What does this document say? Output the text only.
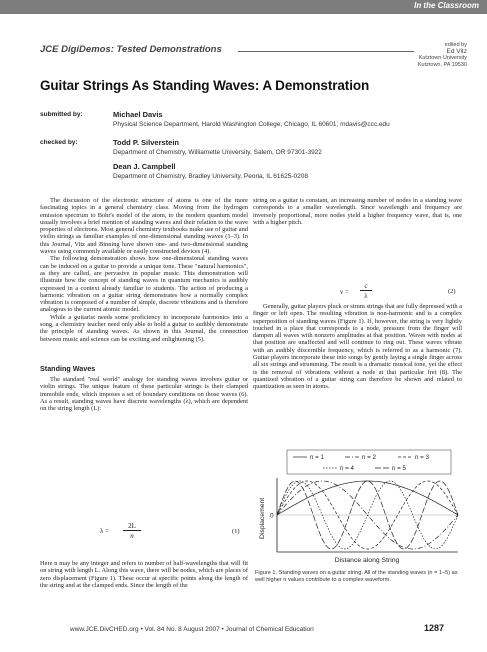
In the Classroom
JCE DigiDemos: Tested Demonstrations	edited by
Ed Vitz
Kutztown University
Kutztown, PA 19530
Guitar Strings As Standing Waves: A Demonstration
submitted by:	Michael Davis
Physical Science Department, Harold Washington College, Chicago, IL 60601; mdavis@ccc.edu
checked by:	Todd P. Silverstein
Department of Chemistry, Williamette University, Salem, OR 97301-3922
Dean J. Campbell
Department of Chemistry, Bradley University, Peoria, IL 61625-0208

The discussion of the electronic structure of atoms is one of the more fascinating topics in a general chemistry class. Moving from the hydrogen emission spectrum to Bohr's model of the atom, to the modern quantum model usually involves a brief mention of standing waves and their relation to the wave properties of electrons. Most general chemistry textbooks make use of guitar and violin strings as familiar examples of one-dimensional standing waves (1–3). In this Journal, Vitz and Binning have shown one- and two-dimensional standing waves using commonly available or easily constructed devices (4).

The following demonstration shows how one-dimensional standing waves can be induced on a guitar to provide a unique tone. These "natural harmonics", as they are called, are pervasive in popular music. This demonstration will illustrate how the concept of standing waves in quantum mechanics is audibly expressed in a context already familiar to students. The action of producing a harmonic vibration on a guitar string demonstrates how a normally complex vibration is composed of a number of simple, discrete vibrations and is therefore analogous to the current atomic model.

While a guitarist needs some proficiency to incorporate harmonics into a song, a chemistry teacher need only able to hold a guitar to audibly demonstrate the principle of standing waves. As shown in this Journal, the connection between music and science can be exciting and enlightening (5).

Standing Waves

The standard "real world" analogy for standing waves involves guitar or violin strings. The unique feature of these particular strings is their clamped immobile ends, which imposes a set of boundary conditions on those waves (6). As a result, standing waves have discrete wavelengths (λ), which are dependent on the string length (L):

λ =
2L
n
(1)

Here n may be any integer and refers to number of half-wavelengths that will fit on string with length L. Along this wave, there will be nodes, which are places of zero displacement (Figure 1). These occur at specific points along the length of the string and at the clamped ends. Since the length of the

string on a guitar is constant, an increasing number of nodes in a standing wave corresponds to a smaller wavelength. Since wavelength and frequency are inversely proportional, more nodes yield a higher frequency wave, that is, one with a higher pitch.

ν =
c
λ
(2)

Generally, guitar players pluck or strum strings that are fully depressed with a finger or left open. The resulting vibration is non-harmonic and is a complex superposition of standing waves (Figure 1). If, however, the string is very lightly touched in a place that corresponds to a node, pressure from the finger will dampen all waves with nonzero amplitudes at that position. Waves with nodes at that position are unaffected and will continue to ring out. These waves vibrate with an audibly discernible frequency, which is referred to as a harmonic (7). Guitar players incorporate these into songs by gently laying a single finger across all six strings and strumming. The result is a dramatic musical tone, yet the effect is the removal of vibrations without a node at that particular fret (8). The quantized vibration of a guitar string can therefore be shown and related to quantization as seen in atoms.

n = 1	n = 2	n = 3
n = 4	n = 5
0
Displacement
Distance along String
Figure 1. Standing waves on a guitar string. All of the standing waves (n = 1–5) as well higher n values contribute to a complex waveform.
www.JCE.DivCHED.org • Vol. 84 No. 8 August 2007 • Journal of Chemical Education	1287
